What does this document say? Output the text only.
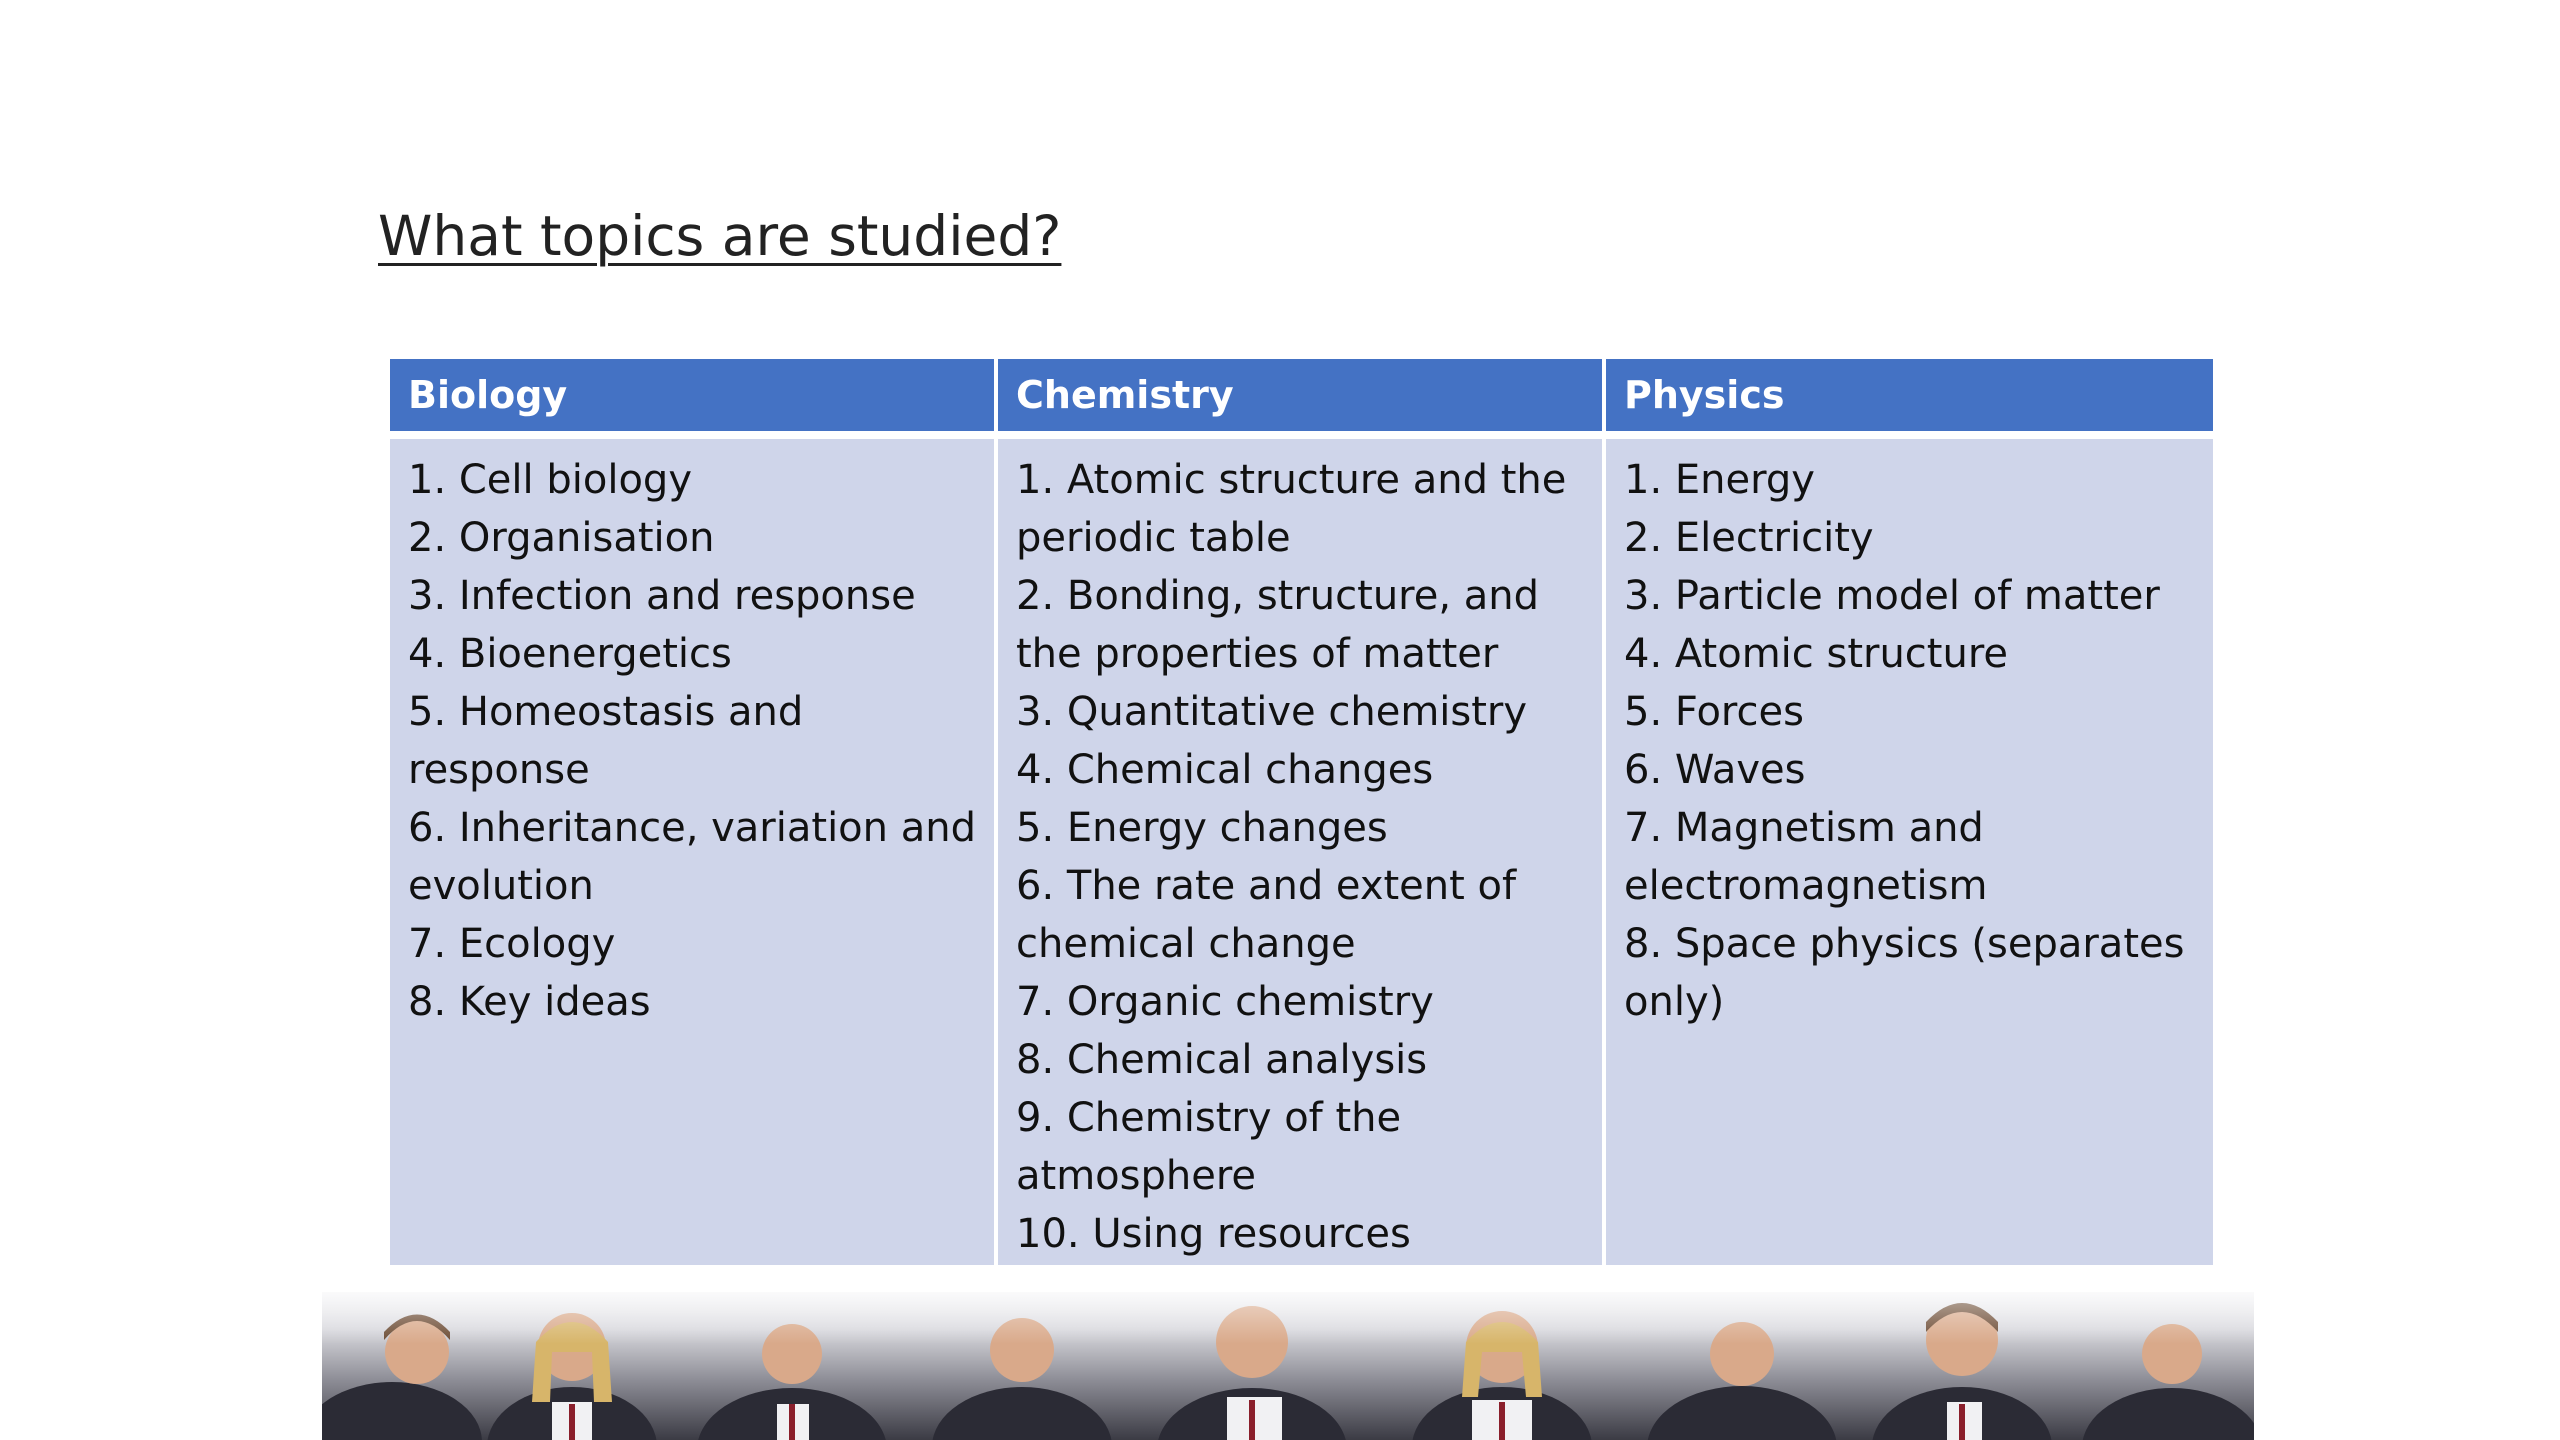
What topics are studied?
Biology	Chemistry	Physics
1. Cell biology
2. Organisation
3. Infection and response
4. Bioenergetics
5. Homeostasis and response
6. Inheritance, variation and evolution
7. Ecology
8. Key ideas
1. Atomic structure and the periodic table
2. Bonding, structure, and the properties of matter
3. Quantitative chemistry
4. Chemical changes
5. Energy changes
6. The rate and extent of chemical change
7. Organic chemistry
8. Chemical analysis
9. Chemistry of the atmosphere
10. Using resources
1. Energy
2. Electricity
3. Particle model of matter
4. Atomic structure
5. Forces
6. Waves
7. Magnetism and electromagnetism
8. Space physics (separates only)
